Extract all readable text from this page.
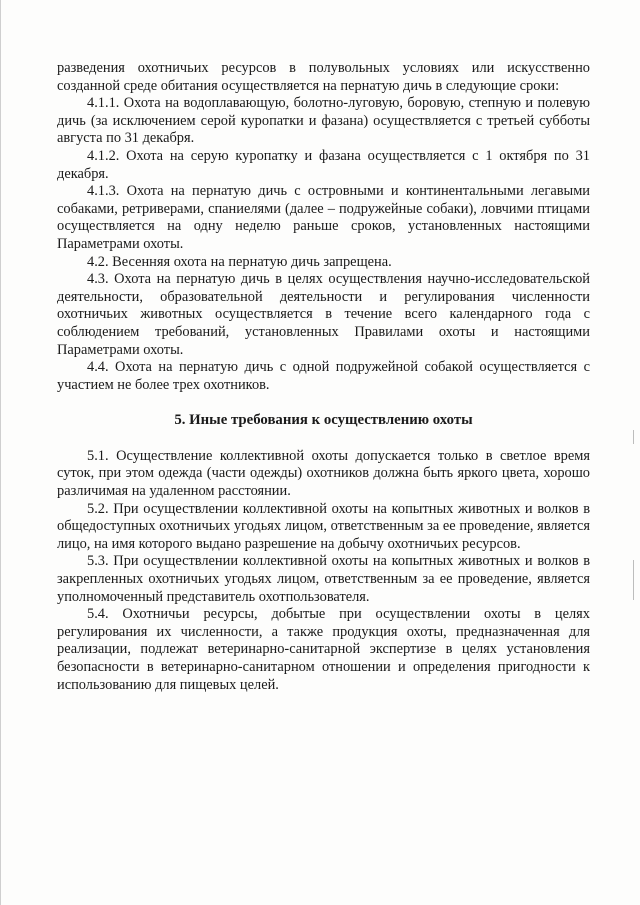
разведения охотничьих ресурсов в полувольных условиях или искусственно созданной среде обитания осуществляется на пернатую дичь в следующие сроки:

4.1.1. Охота на водоплавающую, болотно-луговую, боровую, степную и полевую дичь (за исключением серой куропатки и фазана) осуществляется с третьей субботы августа по 31 декабря.

4.1.2. Охота на серую куропатку и фазана осуществляется с 1 октября по 31 декабря.

4.1.3. Охота на пернатую дичь с островными и континентальными легавыми собаками, ретриверами, спаниелями (далее – подружейные собаки), ловчими птицами осуществляется на одну неделю раньше сроков, установленных настоящими Параметрами охоты.

4.2. Весенняя охота на пернатую дичь запрещена.

4.3. Охота на пернатую дичь в целях осуществления научно-исследовательской деятельности, образовательной деятельности и регулирования численности охотничьих животных осуществляется в течение всего календарного года с соблюдением требований, установленных Правилами охоты и настоящими Параметрами охоты.

4.4. Охота на пернатую дичь с одной подружейной собакой осуществляется с участием не более трех охотников.

5. Иные требования к осуществлению охоты

5.1. Осуществление коллективной охоты допускается только в светлое время суток, при этом одежда (части одежды) охотников должна быть яркого цвета, хорошо различимая на удаленном расстоянии.

5.2. При осуществлении коллективной охоты на копытных животных и волков в общедоступных охотничьих угодьях лицом, ответственным за ее проведение, является лицо, на имя которого выдано разрешение на добычу охотничьих ресурсов.

5.3. При осуществлении коллективной охоты на копытных животных и волков в закрепленных охотничьих угодьях лицом, ответственным за ее проведение, является уполномоченный представитель охотпользователя.

5.4. Охотничьи ресурсы, добытые при осуществлении охоты в целях регулирования их численности, а также продукция охоты, предназначенная для реализации, подлежат ветеринарно-санитарной экспертизе в целях установления безопасности в ветеринарно-санитарном отношении и определения пригодности к использованию для пищевых целей.
